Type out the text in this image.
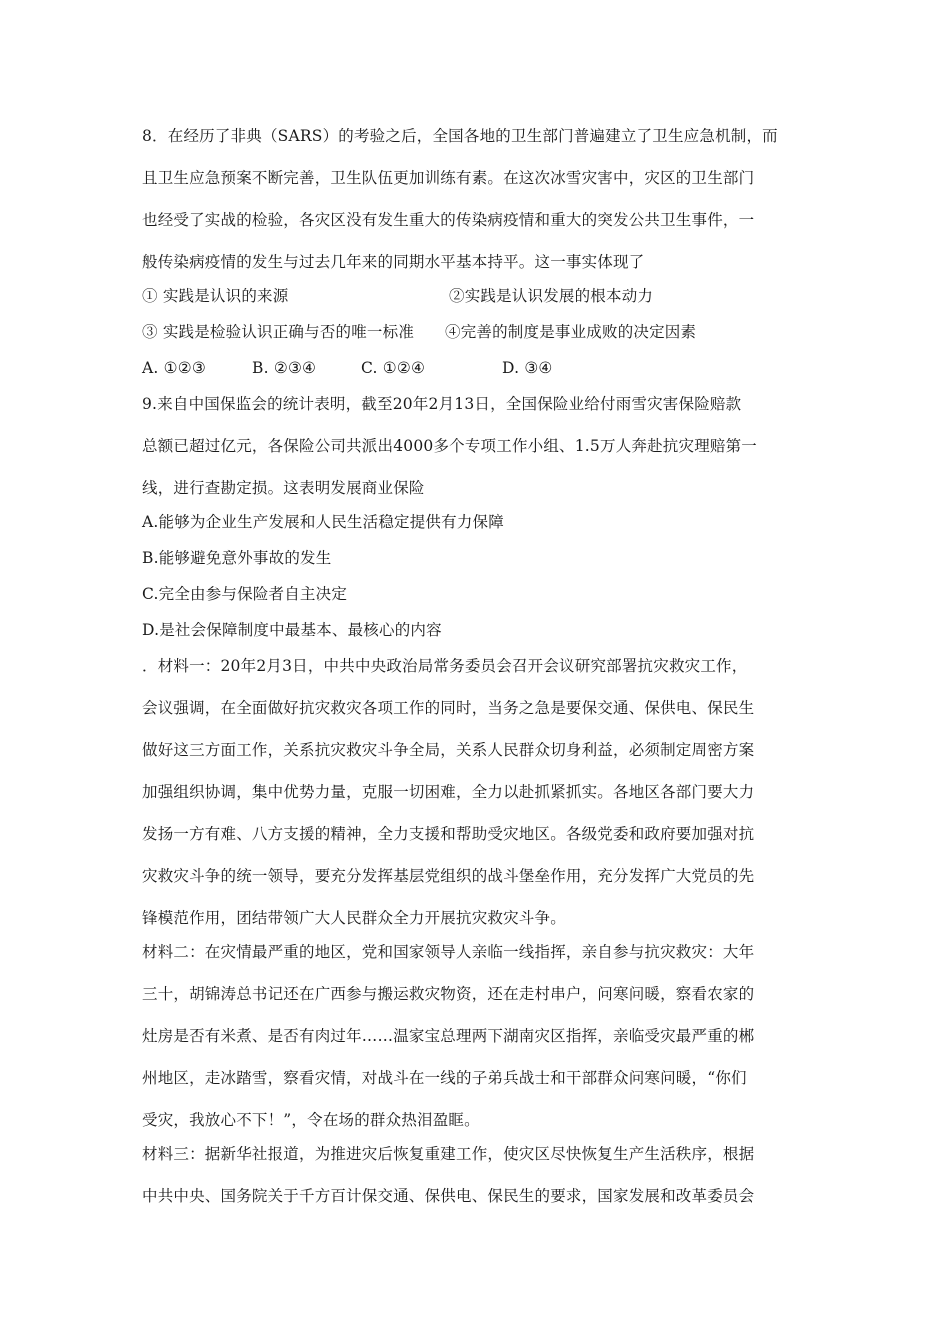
8．在经历了非典（SARS）的考验之后，全国各地的卫生部门普遍建立了卫生应急机制，而
且卫生应急预案不断完善，卫生队伍更加训练有素。在这次冰雪灾害中，灾区的卫生部门
也经受了实战的检验，各灾区没有发生重大的传染病疫情和重大的突发公共卫生事件，一
般传染病疫情的发生与过去几年来的同期水平基本持平。这一事实体现了
① 实践是认识的来源	②实践是认识发展的根本动力
③ 实践是检验认识正确与否的唯一标准 ④完善的制度是事业成败的决定因素
A. ①②③	B. ②③④	C. ①②④	D. ③④
9.来自中国保监会的统计表明，截至20年2月13日，全国保险业给付雨雪灾害保险赔款
总额已超过亿元，各保险公司共派出4000多个专项工作小组、1.5万人奔赴抗灾理赔第一
线，进行查勘定损。这表明发展商业保险
A.能够为企业生产发展和人民生活稳定提供有力保障
B.能够避免意外事故的发生
C.完全由参与保险者自主决定
D.是社会保障制度中最基本、最核心的内容
．材料一：20年2月3日，中共中央政治局常务委员会召开会议研究部署抗灾救灾工作，
会议强调，在全面做好抗灾救灾各项工作的同时，当务之急是要保交通、保供电、保民生
做好这三方面工作，关系抗灾救灾斗争全局，关系人民群众切身利益，必须制定周密方案
加强组织协调，集中优势力量，克服一切困难，全力以赴抓紧抓实。各地区各部门要大力
发扬一方有难、八方支援的精神，全力支援和帮助受灾地区。各级党委和政府要加强对抗
灾救灾斗争的统一领导，要充分发挥基层党组织的战斗堡垒作用，充分发挥广大党员的先
锋模范作用，团结带领广大人民群众全力开展抗灾救灾斗争。
材料二：在灾情最严重的地区，党和国家领导人亲临一线指挥，亲自参与抗灾救灾：大年
三十，胡锦涛总书记还在广西参与搬运救灾物资，还在走村串户，问寒问暖，察看农家的
灶房是否有米煮、是否有肉过年……温家宝总理两下湖南灾区指挥，亲临受灾最严重的郴
州地区，走冰踏雪，察看灾情，对战斗在一线的子弟兵战士和干部群众问寒问暖，“你们
受灾，我放心不下！”，令在场的群众热泪盈眶。
材料三：据新华社报道，为推进灾后恢复重建工作，使灾区尽快恢复生产生活秩序，根据
中共中央、国务院关于千方百计保交通、保供电、保民生的要求，国家发展和改革委员会
